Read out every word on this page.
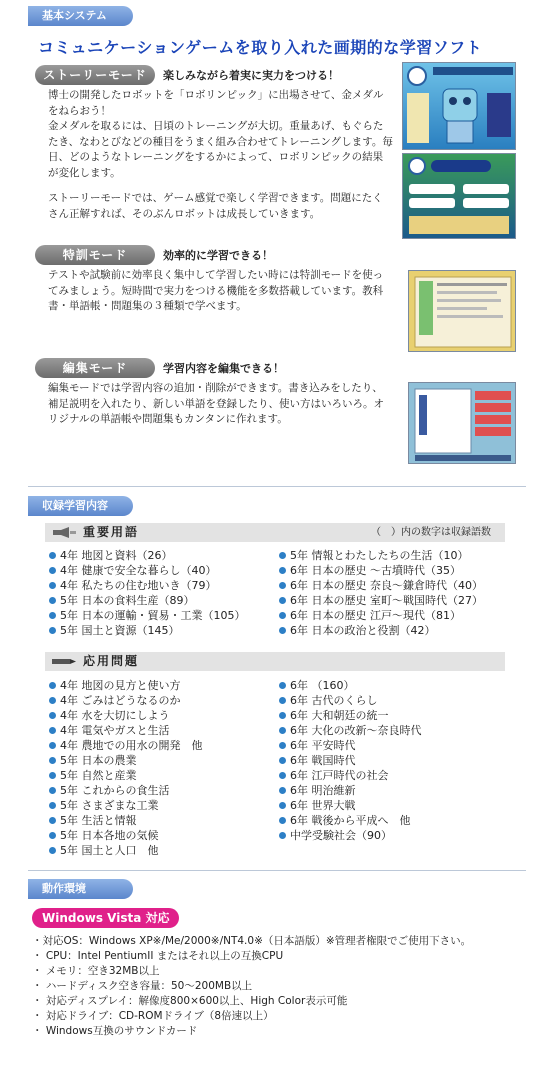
基本システム
コミュニケーションゲームを取り入れた画期的な学習ソフト
ストーリーモード	楽しみながら着実に実力をつける！
博士の開発したロボットを「ロボリンピック」に出場させて、金メダルをねらおう！
金メダルを取るには、日頃のトレーニングが大切。重量あげ、もぐらたたき、なわとびなどの種目をうまく組み合わせてトレーニングします。毎日、どのようなトレーニングをするかによって、ロボリンピックの結果が変化します。
ストーリーモードでは、ゲーム感覚で楽しく学習できます。問題にたくさん正解すれば、そのぶんロボットは成長していきます。
特訓モード	効率的に学習できる！
テストや試験前に効率良く集中して学習したい時には特訓モードを使ってみましょう。短時間で実力をつける機能を多数搭載しています。教科書・単語帳・問題集の３種類で学べます。
編集モード	学習内容を編集できる！
編集モードでは学習内容の追加・削除ができます。書き込みをしたり、補足説明を入れたり、新しい単語を登録したり、使い方はいろいろ。オリジナルの単語帳や問題集もカンタンに作れます。
収録学習内容
重要用語	（　）内の数字は収録語数
4年 地図と資料（26）
4年 健康で安全な暮らし（40）
4年 私たちの住む地いき（79）
5年 日本の食料生産（89）
5年 日本の運輸・貿易・工業（105）
5年 国土と資源（145）
5年 情報とわたしたちの生活（10）
6年 日本の歴史 ～古墳時代（35）
6年 日本の歴史 奈良～鎌倉時代（40）
6年 日本の歴史 室町～戦国時代（27）
6年 日本の歴史 江戸～現代（81）
6年 日本の政治と役割（42）
応用問題
4年 地図の見方と使い方
4年 ごみはどうなるのか
4年 水を大切にしよう
4年 電気やガスと生活
4年 農地での用水の開発　他
5年 日本の農業
5年 自然と産業
5年 これからの食生活
5年 さまざまな工業
5年 生活と情報
5年 日本各地の気候
5年 国土と人口　他
6年 （160）
6年 古代のくらし
6年 大和朝廷の統一
6年 大化の改新～奈良時代
6年 平安時代
6年 戦国時代
6年 江戸時代の社会
6年 明治維新
6年 世界大戦
6年 戦後から平成へ　他
中学受験社会（90）
動作環境
Windows Vista 対応
・対応OS：Windows XP※/Me/2000※/NT4.0※（日本語版）※管理者権限でご使用下さい。
・ CPU：Intel PentiumII またはそれ以上の互換CPU
・ メモリ：空き32MB以上
・ ハードディスク空き容量：50～200MB以上
・ 対応ディスプレイ：解像度800×600以上、High Color表示可能
・ 対応ドライブ：CD-ROMドライブ（8倍速以上）
・ Windows互換のサウンドカード
